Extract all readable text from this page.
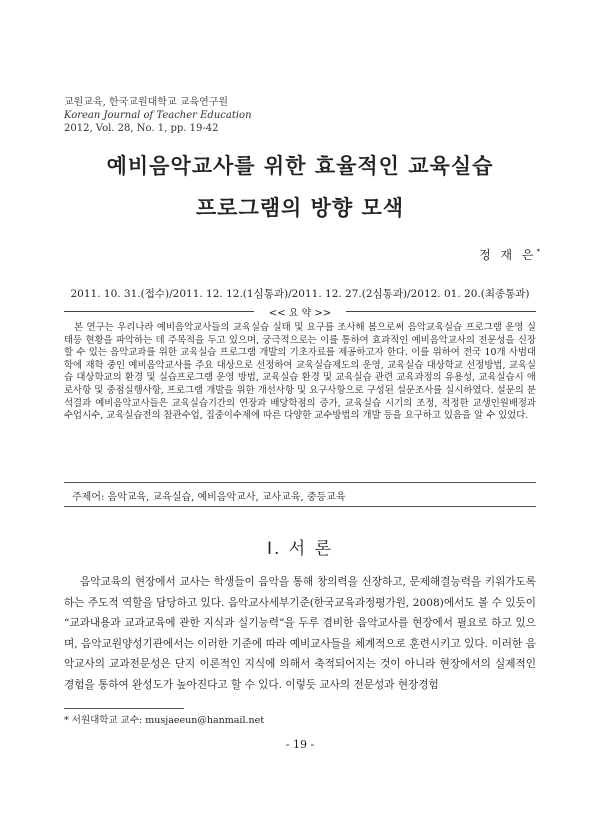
교원교육, 한국교원대학교 교육연구원
Korean Journal of Teacher Education
2012, Vol. 28, No. 1, pp. 19-42
예비음악교사를 위한 효율적인 교육실습
프로그램의 방향 모색
정 재 은*
2011. 10. 31.(접수)/2011. 12. 12.(1심통과)/2011. 12. 27.(2심통과)/2012. 01. 20.(최종통과)
<< 요 약 >>
본 연구는 우리나라 예비음악교사들의 교육실습 실태 및 요구를 조사해 봄으로써 음악교육실습 프로그램 운영 실태등 현황을 파악하는 데 주목적을 두고 있으며, 궁극적으로는 이를 통하여 효과적인 예비음악교사의 전문성을 신장할 수 있는 음악교과를 위한 교육실습 프로그램 개발의 기초자료를 제공하고자 한다. 이를 위하여 전국 10개 사범대학에 재학 중인 예비음악교사를 주요 대상으로 선정하여 교육실습제도의 운영, 교육실습 대상학교 선정방법, 교육실습 대상학교의 환경 및 실습프로그램 운영 방법, 교육실습 환경 및 교육실습 관련 교육과정의 유용성, 교육실습시 애로사항 및 중점실행사항, 프로그램 개발을 위한 개선사항 및 요구사항으로 구성된 설문조사를 실시하였다. 설문의 분석결과 예비음악교사들은 교육실습기간의 연장과 배당학점의 증가, 교육실습 시기의 조정, 적정한 교생인원배정과 수업시수, 교육실습전의 참관수업, 집중이수제에 따른 다양한 교수방법의 개발 등을 요구하고 있음을 알 수 있었다.
주제어: 음악교육, 교육실습, 예비음악교사, 교사교육, 중등교육
Ⅰ. 서 론
음악교육의 현장에서 교사는 학생들이 음악을 통해 창의력을 신장하고, 문제해결능력을 키워가도록 하는 주도적 역할을 담당하고 있다. 음악교사세부기준(한국교육과정평가원, 2008)에서도 볼 수 있듯이 “교과내용과 교과교육에 관한 지식과 실기능력”을 두루 겸비한 음악교사를 현장에서 필요로 하고 있으며, 음악교원양성기관에서는 이러한 기준에 따라 예비교사들을 체계적으로 훈련시키고 있다. 이러한 음악교사의 교과전문성은 단지 이론적인 지식에 의해서 축적되어지는 것이 아니라 현장에서의 실제적인 경험을 통하여 완성도가 높아진다고 할 수 있다. 이렇듯 교사의 전문성과 현장경험
* 서원대학교 교수: musjaeeun@hanmail.net
- 19 -
